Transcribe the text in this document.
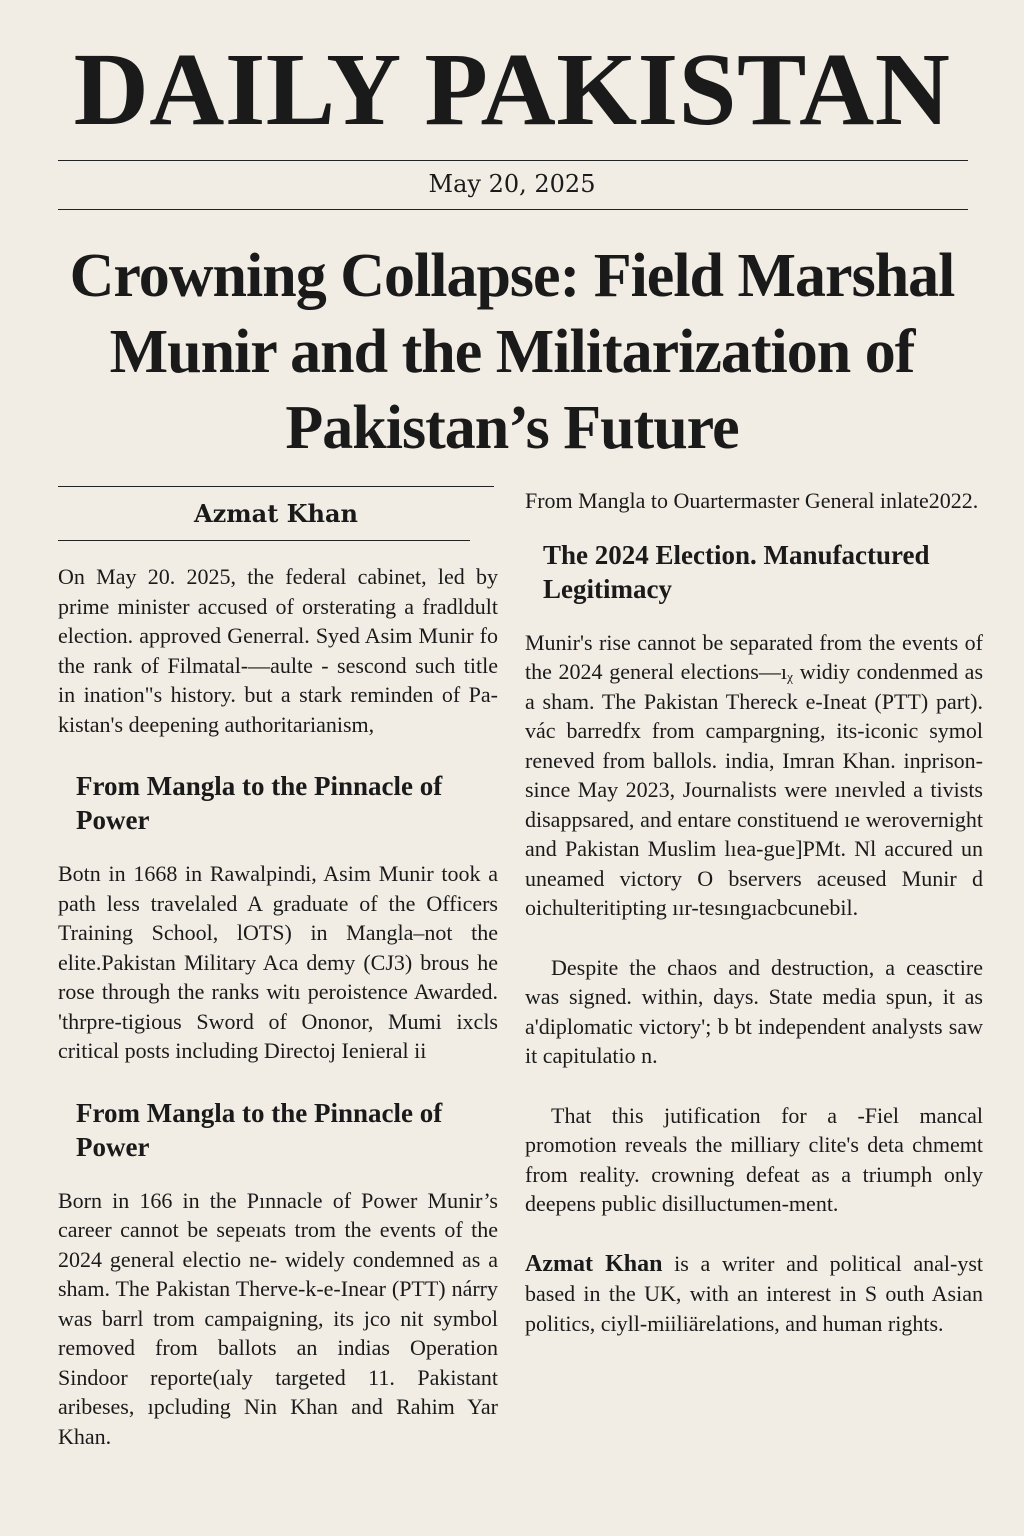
DAILY PAKISTAN
May 20, 2025
Crowning Collapse: Field Marshal Munir and the Militarization of Pakistan’s Future
Azmat Khan

On May 20. 2025, the federal cabinet, led by prime minister accused of orsterating a fradldult election. approved Generral. Syed Asim Munir fo the rank of Filmatal-—aulte - sescond such title in ination"s history. but a stark reminden of Pa-kistan's deepening authoritarianism,

From Mangla to the Pinnacle of Power

Botn in 1668 in Rawalpindi, Asim Munir took a path less travelaled A graduate of the Officers Training School, lOTS) in Mangla–not the elite.Pakistan Military Aca demy (CJ3) brous he rose through the ranks witı peroistence Awarded. 'thrpre-tigious Sword of Ononor, Mumi ixcls critical posts including Directoj Ienieral ii

From Mangla to the Pinnacle of Power

Born in 166 in the Pınnacle of Power Munir’s career cannot be sepeıats trom the events of the 2024 general electio ne- widely condemned as a sham. The Pakistan Therve-k-e-Inear (PTT) nárry was barrl trom campaigning, its jco nit symbol removed from ballots an indias Operation Sindoor reporte(ıaly targeted 11. Pakistant aribeses, ıpcluding Nin Khan and Rahim Yar Khan.

From Mangla to Ouartermaster General inlate2022.

The 2024 Election. Manufactured Legitimacy

Munir's rise cannot be separated from the events of the 2024 general elections—ıᵪ widiy condenmed as a sham. The Pakistan Thereck e-Ineat (PTT) part). vác barredfx from campargning, its-iconic symol reneved from ballols. india, Imran Khan. inprison-since May 2023, Journalists were ıneıvled a tivists disappsared, and entare constituend ıe werovernight and Pakistan Muslim lıea-gue]PMt. Nl accured un uneamed victory O bservers aceused Munir d oichulteritipting ıır-tesıngıacbcunebil.

Despite the chaos and destruction, a ceasctire was signed. within, days. State media spun, it as a'diplomatic victory'; b bt independent analysts saw it capitulatio n.

That this jutification for a -Fiel mancal promotion reveals the milliary clite's deta chmemt from reality. crowning defeat as a triumph only deepens public disilluctumen-ment.

Azmat Khan is a writer and political anal-yst based in the UK, with an interest in S outh Asian politics, ciyll-miiliärelations, and human rights.
